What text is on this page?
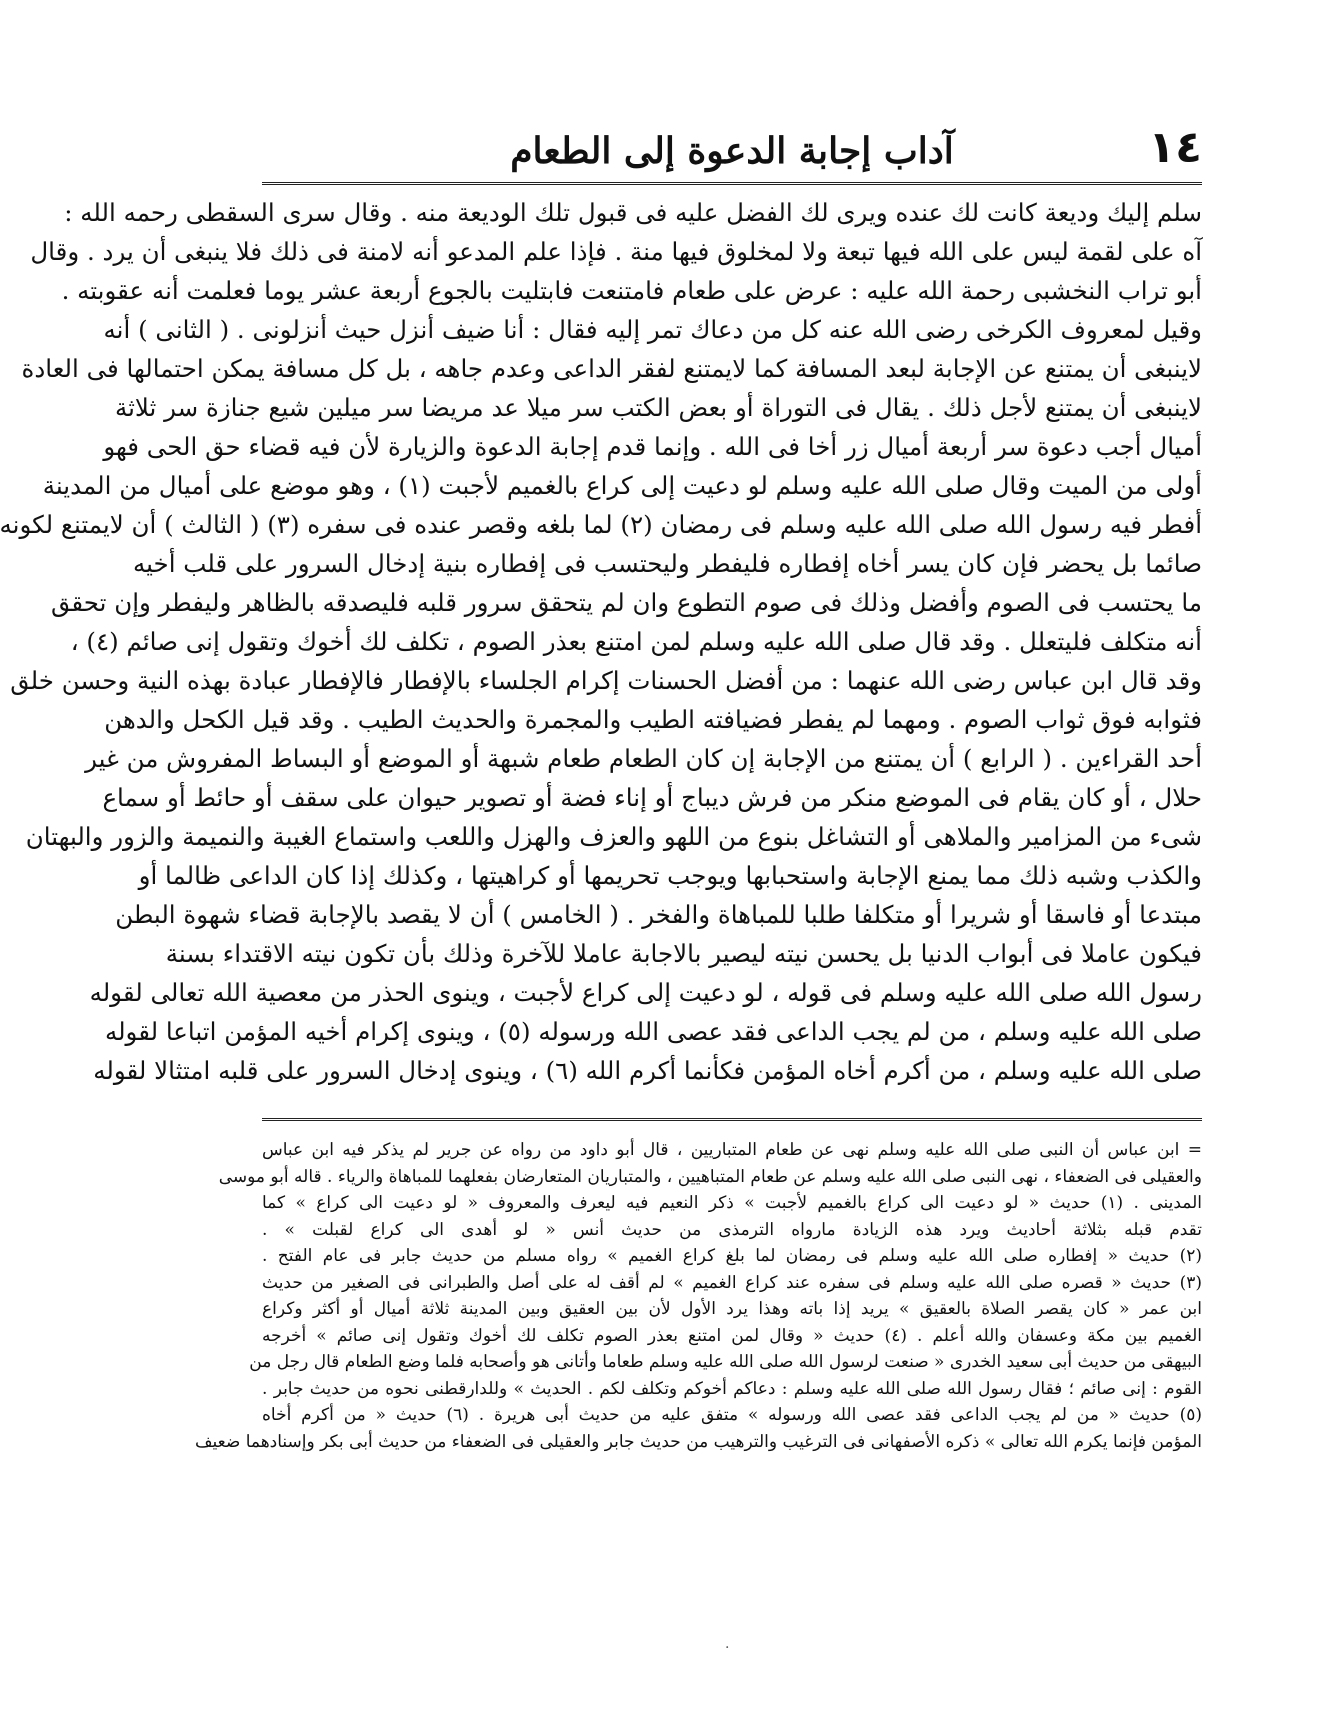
١٤
آداب إجابة الدعوة إلى الطعام
سلم إليك وديعة كانت لك عنده ويرى لك الفضل عليه فى قبول تلك الوديعة منه . وقال سرى السقطى رحمه الله :
آه على لقمة ليس على الله فيها تبعة ولا لمخلوق فيها منة . فإذا علم المدعو أنه لامنة فى ذلك فلا ينبغى أن يرد . وقال
أبو تراب النخشبى رحمة الله عليه : عرض على طعام فامتنعت فابتليت بالجوع أربعة عشر يوما فعلمت أنه عقوبته .
وقيل لمعروف الكرخى رضى الله عنه كل من دعاك تمر إليه فقال : أنا ضيف أنزل حيث أنزلونى . ( الثانى ) أنه
لاينبغى أن يمتنع عن الإجابة لبعد المسافة كما لايمتنع لفقر الداعى وعدم جاهه ، بل كل مسافة يمكن احتمالها فى العادة
لاينبغى أن يمتنع لأجل ذلك . يقال فى التوراة أو بعض الكتب سر ميلا عد مريضا سر ميلين شيع جنازة سر ثلاثة
أميال أجب دعوة سر أربعة أميال زر أخا فى الله . وإنما قدم إجابة الدعوة والزيارة لأن فيه قضاء حق الحى فهو
أولى من الميت وقال صلى الله عليه وسلم لو دعيت إلى كراع بالغميم لأجبت (١) ، وهو موضع على أميال من المدينة
أفطر فيه رسول الله صلى الله عليه وسلم فى رمضان (٢) لما بلغه وقصر عنده فى سفره (٣) ( الثالث ) أن لايمتنع لكونه
صائما بل يحضر فإن كان يسر أخاه إفطاره فليفطر وليحتسب فى إفطاره بنية إدخال السرور على قلب أخيه
ما يحتسب فى الصوم وأفضل وذلك فى صوم التطوع وان لم يتحقق سرور قلبه فليصدقه بالظاهر وليفطر وإن تحقق
أنه متكلف فليتعلل . وقد قال صلى الله عليه وسلم لمن امتنع بعذر الصوم ، تكلف لك أخوك وتقول إنى صائم (٤) ،
وقد قال ابن عباس رضى الله عنهما : من أفضل الحسنات إكرام الجلساء بالإفطار فالإفطار عبادة بهذه النية وحسن خلق
فثوابه فوق ثواب الصوم . ومهما لم يفطر فضيافته الطيب والمجمرة والحديث الطيب . وقد قيل الكحل والدهن
أحد القراءين . ( الرابع ) أن يمتنع من الإجابة إن كان الطعام طعام شبهة أو الموضع أو البساط المفروش من غير
حلال ، أو كان يقام فى الموضع منكر من فرش ديباج أو إناء فضة أو تصوير حيوان على سقف أو حائط أو سماع
شىء من المزامير والملاهى أو التشاغل بنوع من اللهو والعزف والهزل واللعب واستماع الغيبة والنميمة والزور والبهتان
والكذب وشبه ذلك مما يمنع الإجابة واستحبابها ويوجب تحريمها أو كراهيتها ، وكذلك إذا كان الداعى ظالما أو
مبتدعا أو فاسقا أو شريرا أو متكلفا طلبا للمباهاة والفخر . ( الخامس ) أن لا يقصد بالإجابة قضاء شهوة البطن
فيكون عاملا فى أبواب الدنيا بل يحسن نيته ليصير بالاجابة عاملا للآخرة وذلك بأن تكون نيته الاقتداء بسنة
رسول الله صلى الله عليه وسلم فى قوله ، لو دعيت إلى كراع لأجبت ، وينوى الحذر من معصية الله تعالى لقوله
صلى الله عليه وسلم ، من لم يجب الداعى فقد عصى الله ورسوله (٥) ، وينوى إكرام أخيه المؤمن اتباعا لقوله
صلى الله عليه وسلم ، من أكرم أخاه المؤمن فكأنما أكرم الله (٦) ، وينوى إدخال السرور على قلبه امتثالا لقوله
= ابن عباس أن النبى صلى الله عليه وسلم نهى عن طعام المتباريين ، قال أبو داود من رواه عن جرير لم يذكر فيه ابن عباس
والعقيلى فى الضعفاء ، نهى النبى صلى الله عليه وسلم عن طعام المتباهيين ، والمتباريان المتعارضان بفعلهما للمباهاة والرياء . قاله أبو موسى
المدينى . (١) حديث « لو دعيت الى كراع بالغميم لأجبت » ذكر النعيم فيه ليعرف والمعروف « لو دعيت الى كراع » كما
تقدم قبله بثلاثة أحاديث ويرد هذه الزيادة مارواه الترمذى من حديث أنس « لو أهدى الى كراع لقبلت » .
(٢) حديث « إفطاره صلى الله عليه وسلم فى رمضان لما بلغ كراع الغميم » رواه مسلم من حديث جابر فى عام الفتح .
(٣) حديث « قصره صلى الله عليه وسلم فى سفره عند كراع الغميم » لم أقف له على أصل والطبرانى فى الصغير من حديث
ابن عمر « كان يقصر الصلاة بالعقيق » يريد إذا باته وهذا يرد الأول لأن بين العقيق وبين المدينة ثلاثة أميال أو أكثر وكراع
الغميم بين مكة وعسفان والله أعلم . (٤) حديث « وقال لمن امتنع بعذر الصوم تكلف لك أخوك وتقول إنى صائم » أخرجه
البيهقى من حديث أبى سعيد الخدرى « صنعت لرسول الله صلى الله عليه وسلم طعاما وأتانى هو وأصحابه فلما وضع الطعام قال رجل من
القوم : إنى صائم ؛ فقال رسول الله صلى الله عليه وسلم : دعاكم أخوكم وتكلف لكم . الحديث » وللدارقطنى نحوه من حديث جابر .
(٥) حديث « من لم يجب الداعى فقد عصى الله ورسوله » متفق عليه من حديث أبى هريرة . (٦) حديث « من أكرم أخاه
المؤمن فإنما يكرم الله تعالى » ذكره الأصفهانى فى الترغيب والترهيب من حديث جابر والعقيلى فى الضعفاء من حديث أبى بكر وإسنادهما ضعيف
·
